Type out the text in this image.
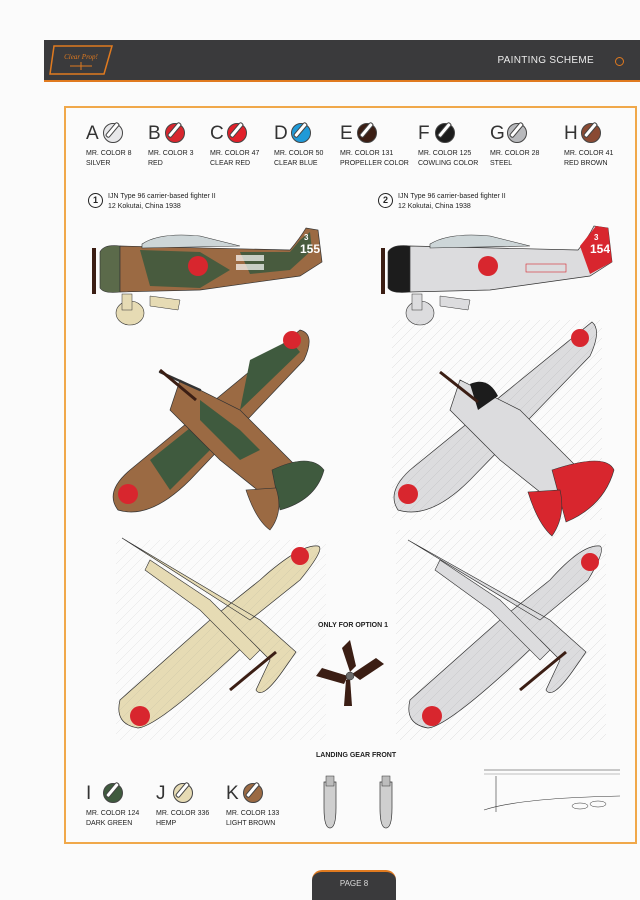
Clear Prop!	PAINTING SCHEME
A
MR. COLOR 8
SILVER
B
MR. COLOR 3
RED
C
MR. COLOR 47
CLEAR RED
D
MR. COLOR 50
CLEAR BLUE
E
MR. COLOR 131
PROPELLER COLOR
F
MR. COLOR 125
COWLING COLOR
G
MR. COLOR 28
STEEL
H
MR. COLOR 41
RED BROWN
1	IJN Type 96 carrier-based fighter II
12 Kokutai, China 1938
2	IJN Type 96 carrier-based fighter II
12 Kokutai, China 1938
3
155
3
154
ONLY FOR OPTION 1
LANDING GEAR FRONT
I
MR. COLOR 124
DARK GREEN
J
MR. COLOR 336
HEMP
K
MR. COLOR 133
LIGHT BROWN
PAGE 8
